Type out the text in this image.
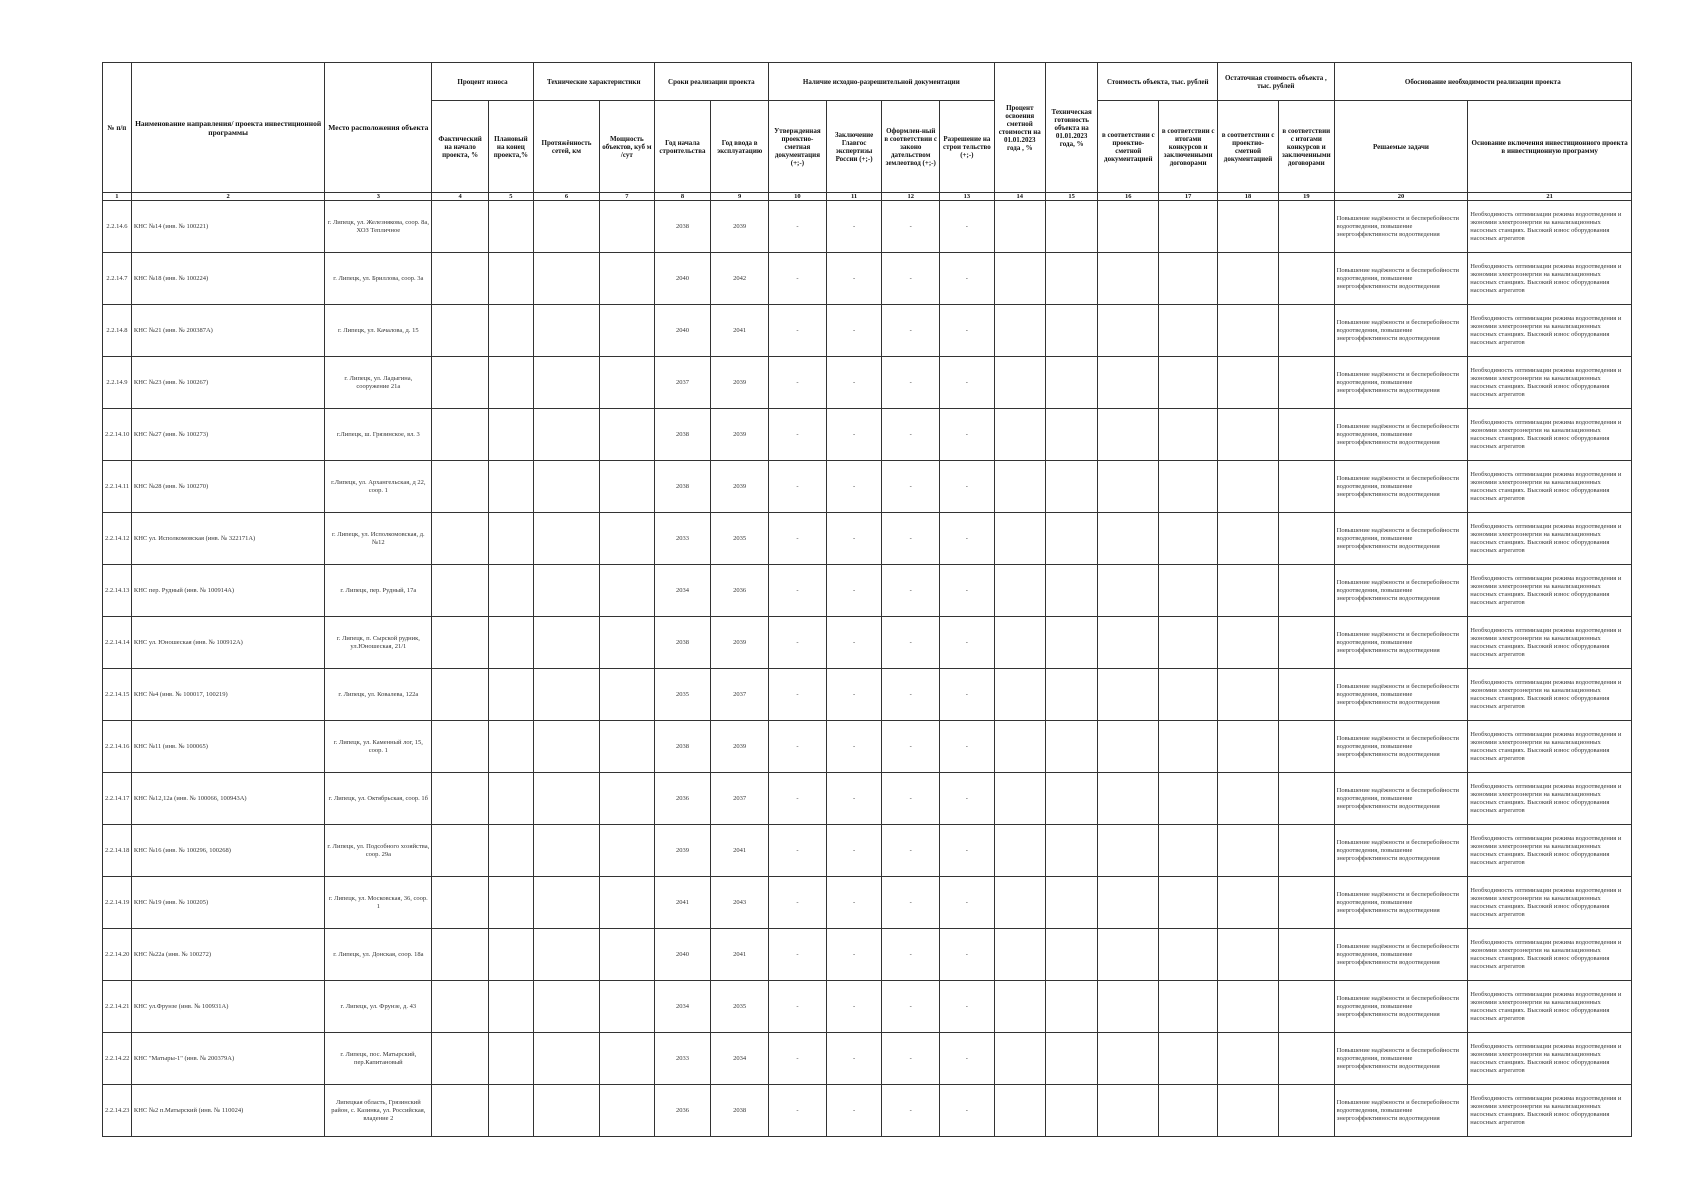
№ п/п	Наименование направления/ проекта инвестиционной программы	Место расположения объекта	Процент износа		Технические характеристики		Сроки реализации проекта		Наличие исходно-разрешительной документации				Процент освоения сметной стоимости на 01.01.2023 года , %	Техническая готовность объекта на 01.01.2023 года, %	Стоимость объекта, тыс. рублей		Остаточная стоимость объекта , тыс. рублей		Обоснование необходимости реализации проекта	
			Фактический на начало проекта, %	Плановый на конец проекта,%	Протяжённость сетей, км	Мощность объектов, куб м /сут	Год начала строительства	Год ввода в эксплуатацию	Утвержденная проектно-сметная документация (+;-)	Заключение Главгос экспертизы России (+;-)	Оформлен-ный в соответствии с законо дательством землеотвод (+;-)	Разрешение на строи тельство (+;-)			в соответствии с проектно-сметной документацией	в соответствии с итогами конкурсов и заключенными договорами	в соответствии с проектно-сметной документацией	в соответствии с итогами конкурсов и заключенными договорами	Решаемые задачи	Основание включения инвестиционного проекта в инвестиционную программу
1	2	3	4	5	6	7	8	9	10	11	12	13	14	15	16	17	18	19	20	21
2.2.14.6	КНС №14 (инв. № 100221)	г. Липецк, ул. Железнякова, соор. 8а, ХОЗ Тепличное					2038	2039	-	-	-	-							Повышение надёжности и бесперебойности водоотведения, повышение энергоэффективности водоотведения	Необходимость оптимизации режима водоотведения и экономии электроэнергии на канализационных насосных станциях. Высокий износ оборудования насосных агрегатов
2.2.14.7	КНС №18 (инв. № 100224)	г. Липецк, ул. Бриллова, соор. 3а					2040	2042	-	-	-	-							Повышение надёжности и бесперебойности водоотведения, повышение энергоэффективности водоотведения	Необходимость оптимизации режима водоотведения и экономии электроэнергии на канализационных насосных станциях. Высокий износ оборудования насосных агрегатов
2.2.14.8	КНС №21 (инв. № 200387А)	г. Липецк, ул. Качалова, д. 15					2040	2041	-	-	-	-							Повышение надёжности и бесперебойности водоотведения, повышение энергоэффективности водоотведения	Необходимость оптимизации режима водоотведения и экономии электроэнергии на канализационных насосных станциях. Высокий износ оборудования насосных агрегатов
2.2.14.9	КНС №23 (инв. № 100267)	г. Липецк, ул. Ладыгина, сооружение 21а					2037	2039	-	-	-	-							Повышение надёжности и бесперебойности водоотведения, повышение энергоэффективности водоотведения	Необходимость оптимизации режима водоотведения и экономии электроэнергии на канализационных насосных станциях. Высокий износ оборудования насосных агрегатов
2.2.14.10	КНС №27 (инв. № 100273)	г.Липецк, ш. Грязинское, вл. 3					2038	2039	-	-	-	-							Повышение надёжности и бесперебойности водоотведения, повышение энергоэффективности водоотведения	Необходимость оптимизации режима водоотведения и экономии электроэнергии на канализационных насосных станциях. Высокий износ оборудования насосных агрегатов
2.2.14.11	КНС №28 (инв. № 100270)	г.Липецк, ул. Архангельская, д 22, соор. 1					2038	2039	-	-	-	-							Повышение надёжности и бесперебойности водоотведения, повышение энергоэффективности водоотведения	Необходимость оптимизации режима водоотведения и экономии электроэнергии на канализационных насосных станциях. Высокий износ оборудования насосных агрегатов
2.2.14.12	КНС ул. Исполкомовская (инв. № 322171А)	г. Липецк, ул. Исполкомовская, д. №12					2033	2035	-	-	-	-							Повышение надёжности и бесперебойности водоотведения, повышение энергоэффективности водоотведения	Необходимость оптимизации режима водоотведения и экономии электроэнергии на канализационных насосных станциях. Высокий износ оборудования насосных агрегатов
2.2.14.13	КНС пер. Рудный (инв. № 100914А)	г. Липецк, пер. Рудный, 17а					2034	2036	-	-	-	-							Повышение надёжности и бесперебойности водоотведения, повышение энергоэффективности водоотведения	Необходимость оптимизации режима водоотведения и экономии электроэнергии на канализационных насосных станциях. Высокий износ оборудования насосных агрегатов
2.2.14.14	КНС ул. Юношеская (инв. № 100912А)	г. Липецк, п. Сырской рудник, ул.Юношеская, 21/1					2038	2039	-	-	-	-							Повышение надёжности и бесперебойности водоотведения, повышение энергоэффективности водоотведения	Необходимость оптимизации режима водоотведения и экономии электроэнергии на канализационных насосных станциях. Высокий износ оборудования насосных агрегатов
2.2.14.15	КНС №4 (инв. № 100017, 100219)	г. Липецк, ул. Ковалева, 122а					2035	2037	-	-	-	-							Повышение надёжности и бесперебойности водоотведения, повышение энергоэффективности водоотведения	Необходимость оптимизации режима водоотведения и экономии электроэнергии на канализационных насосных станциях. Высокий износ оборудования насосных агрегатов
2.2.14.16	КНС №11 (инв. № 100065)	г. Липецк, ул. Каменный лог, 15, соор. 1					2038	2039	-	-	-	-							Повышение надёжности и бесперебойности водоотведения, повышение энергоэффективности водоотведения	Необходимость оптимизации режима водоотведения и экономии электроэнергии на канализационных насосных станциях. Высокий износ оборудования насосных агрегатов
2.2.14.17	КНС №12,12а (инв. № 100066, 100943А)	г. Липецк, ул. Октябрьская, соор. 1б					2036	2037	-	-	-	-							Повышение надёжности и бесперебойности водоотведения, повышение энергоэффективности водоотведения	Необходимость оптимизации режима водоотведения и экономии электроэнергии на канализационных насосных станциях. Высокий износ оборудования насосных агрегатов
2.2.14.18	КНС №16 (инв. № 100296, 100268)	г. Липецк, ул. Подсобного хозяйства, соор. 29а					2039	2041	-	-	-	-							Повышение надёжности и бесперебойности водоотведения, повышение энергоэффективности водоотведения	Необходимость оптимизации режима водоотведения и экономии электроэнергии на канализационных насосных станциях. Высокий износ оборудования насосных агрегатов
2.2.14.19	КНС №19 (инв. № 100205)	г. Липецк, ул. Московская, 36, соор. 1					2041	2043	-	-	-	-							Повышение надёжности и бесперебойности водоотведения, повышение энергоэффективности водоотведения	Необходимость оптимизации режима водоотведения и экономии электроэнергии на канализационных насосных станциях. Высокий износ оборудования насосных агрегатов
2.2.14.20	КНС №22а (инв. № 100272)	г. Липецк, ул. Донская, соор. 18а					2040	2041	-	-	-	-							Повышение надёжности и бесперебойности водоотведения, повышение энергоэффективности водоотведения	Необходимость оптимизации режима водоотведения и экономии электроэнергии на канализационных насосных станциях. Высокий износ оборудования насосных агрегатов
2.2.14.21	КНС ул.Фрунзе (инв. № 100931А)	г. Липецк, ул. Фрунзе, д. 43					2034	2035	-	-	-	-							Повышение надёжности и бесперебойности водоотведения, повышение энергоэффективности водоотведения	Необходимость оптимизации режима водоотведения и экономии электроэнергии на канализационных насосных станциях. Высокий износ оборудования насосных агрегатов
2.2.14.22	КНС "Матыры-1" (инв. № 200379А)	г. Липецк, пос. Матырский, пер.Капитановый					2033	2034	-	-	-	-							Повышение надёжности и бесперебойности водоотведения, повышение энергоэффективности водоотведения	Необходимость оптимизации режима водоотведения и экономии электроэнергии на канализационных насосных станциях. Высокий износ оборудования насосных агрегатов
2.2.14.23	КНС №2 п.Матырский (инв. № 110024)	Липецкая область, Грязинский район, с. Казинка, ул. Российская, владение 2					2036	2038	-	-	-	-							Повышение надёжности и бесперебойности водоотведения, повышение энергоэффективности водоотведения	Необходимость оптимизации режима водоотведения и экономии электроэнергии на канализационных насосных станциях. Высокий износ оборудования насосных агрегатов
